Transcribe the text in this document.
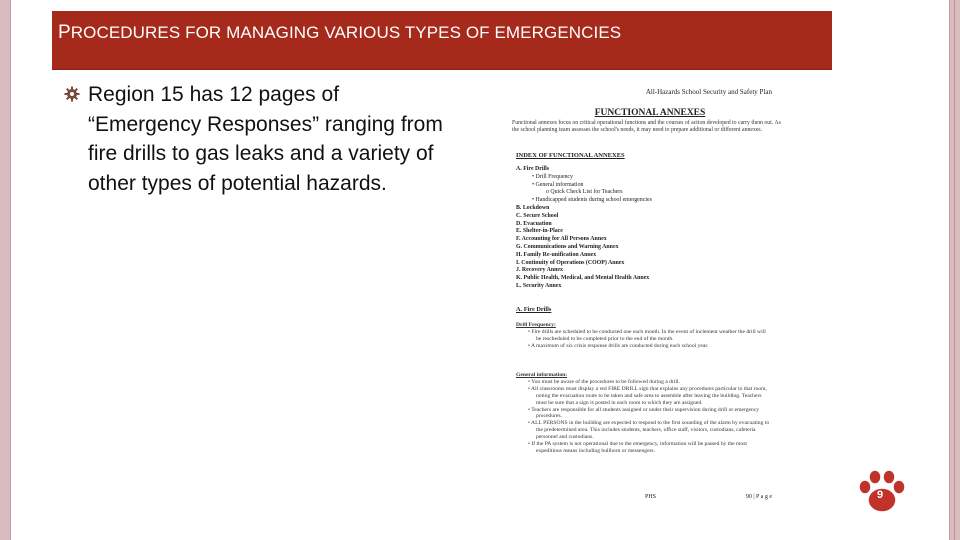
PROCEDURES FOR MANAGING VARIOUS TYPES OF EMERGENCIES
Region 15 has 12 pages of “Emergency Responses” ranging from fire drills to gas leaks and a variety of other types of potential hazards.
All-Hazards School Security and Safety Plan
FUNCTIONAL ANNEXES
Functional annexes focus on critical operational functions and the courses of action developed to carry them out. As the school planning team assesses the school's needs, it may need to prepare additional or different annexes.
INDEX OF FUNCTIONAL ANNEXES
A. Fire Drills
• Drill Frequency
• General information
o Quick Check List for Teachers
• Handicapped students during school emergencies
B. Lockdown
C. Secure School
D. Evacuation
E. Shelter-in-Place
F. Accounting for All Persons Annex
G. Communications and Warning Annex
H. Family Re-unification Annex
I. Continuity of Operations (COOP) Annex
J. Recovery Annex
K. Public Health, Medical, and Mental Health Annex
L. Security Annex
A. Fire Drills
Drill Frequency:
• Fire drills are scheduled to be conducted one each month. In the event of inclement weather the drill will be rescheduled to be completed prior to the end of the month.
• A maximum of six crisis response drills are conducted during each school year.
General information:
• You must be aware of the procedures to be followed during a drill.
• All classrooms must display a red FIRE DRILL sign that explains any procedures particular to that room, noting the evacuation route to be taken and safe area to assemble after leaving the building. Teachers must be sure that a sign is posted in each room to which they are assigned.
• Teachers are responsible for all students assigned or under their supervision during drill or emergency procedures.
• ALL PERSONS in the building are expected to respond to the first sounding of the alarm by evacuating to the predetermined area. This includes students, teachers, office staff, visitors, custodians, cafeteria personnel and custodians.
• If the PA system is not operational due to the emergency, information will be passed by the most expeditious means including bullhorn or messengers.
PHS	90 | P a g e	9
